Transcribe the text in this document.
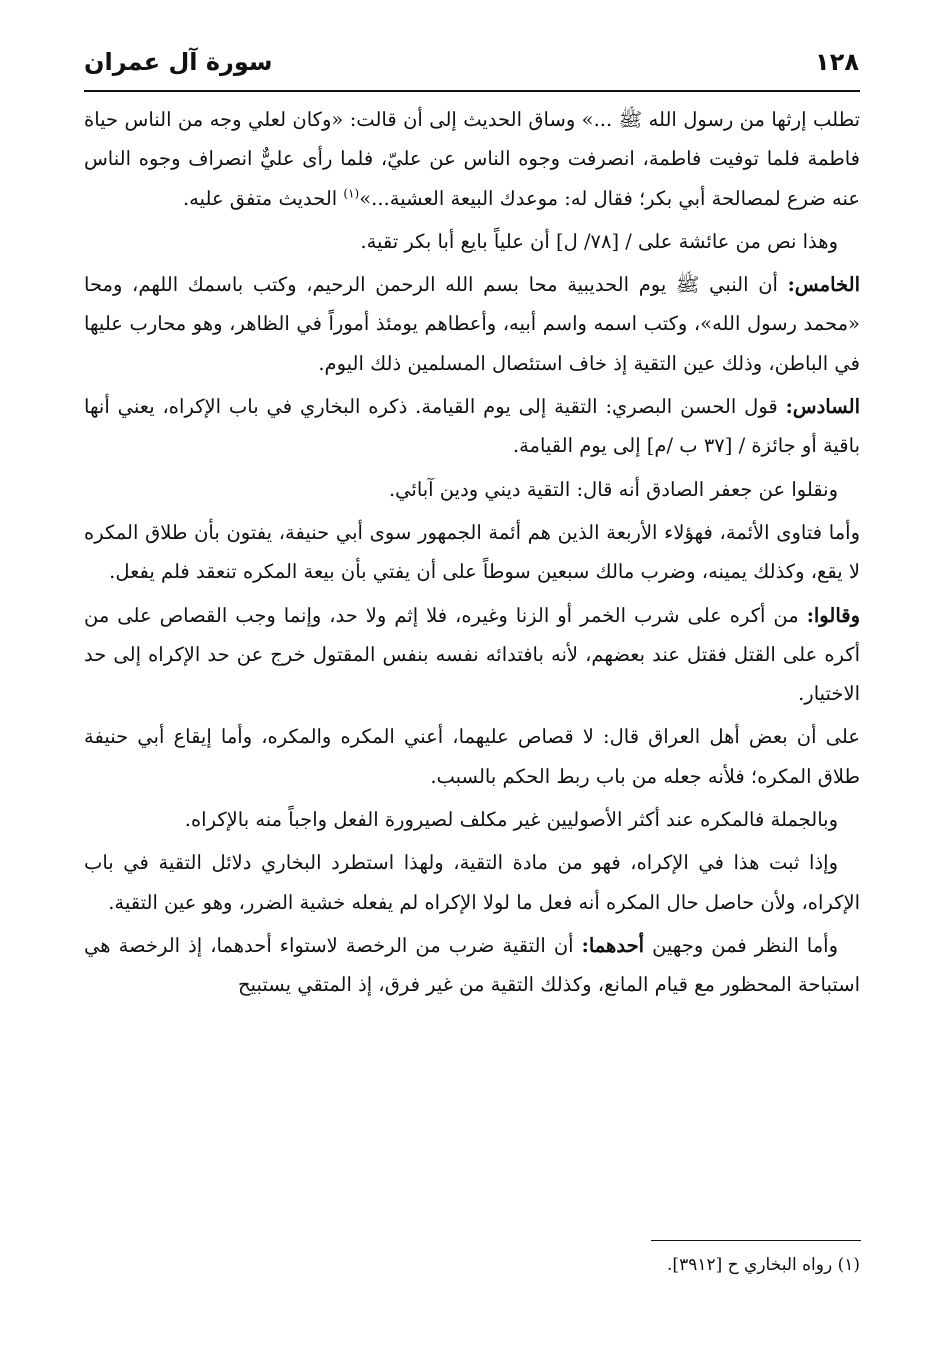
١٢٨
سورة آل عمران

تطلب إرثها من رسول الله ﷺ ...» وساق الحديث إلى أن قالت: «وكان لعلي وجه من الناس حياة فاطمة فلما توفيت فاطمة، انصرفت وجوه الناس عن عليّ، فلما رأى عليٌّ انصراف وجوه الناس عنه ضرع لمصالحة أبي بكر؛ فقال له: موعدك البيعة العشية...»$^{(١)}$ الحديث متفق عليه.

وهذا نص من عائشة على / [٧٨/ ل] أن علياً بايع أبا بكر تقية.

الخامس: أن النبي ﷺ يوم الحديبية محا بسم الله الرحمن الرحيم، وكتب باسمك اللهم، ومحا «محمد رسول الله»، وكتب اسمه واسم أبيه، وأعطاهم يومئذ أموراً في الظاهر، وهو محارب عليها في الباطن، وذلك عين التقية إذ خاف استئصال المسلمين ذلك اليوم.

السادس: قول الحسن البصري: التقية إلى يوم القيامة. ذكره البخاري في باب الإكراه، يعني أنها باقية أو جائزة / [٣٧ ب /م] إلى يوم القيامة.

ونقلوا عن جعفر الصادق أنه قال: التقية ديني ودين آبائي.

وأما فتاوى الأئمة، فهؤلاء الأربعة الذين هم أئمة الجمهور سوى أبي حنيفة، يفتون بأن طلاق المكره لا يقع، وكذلك يمينه، وضرب مالك سبعين سوطاً على أن يفتي بأن بيعة المكره تنعقد فلم يفعل.

وقالوا: من أكره على شرب الخمر أو الزنا وغيره، فلا إثم ولا حد، وإنما وجب القصاص على من أكره على القتل فقتل عند بعضهم، لأنه بافتدائه نفسه بنفس المقتول خرج عن حد الإكراه إلى حد الاختيار.

على أن بعض أهل العراق قال: لا قصاص عليهما، أعني المكره والمكره، وأما إيقاع أبي حنيفة طلاق المكره؛ فلأنه جعله من باب ربط الحكم بالسبب.

وبالجملة فالمكره عند أكثر الأصوليين غير مكلف لصيرورة الفعل واجباً منه بالإكراه.

وإذا ثبت هذا في الإكراه، فهو من مادة التقية، ولهذا استطرد البخاري دلائل التقية في باب الإكراه، ولأن حاصل حال المكره أنه فعل ما لولا الإكراه لم يفعله خشية الضرر، وهو عين التقية.

وأما النظر فمن وجهين أحدهما: أن التقية ضرب من الرخصة لاستواء أحدهما، إذ الرخصة هي استباحة المحظور مع قيام المانع، وكذلك التقية من غير فرق، إذ المتقي يستبيح

(١) رواه البخاري ح [٣٩١٢].
